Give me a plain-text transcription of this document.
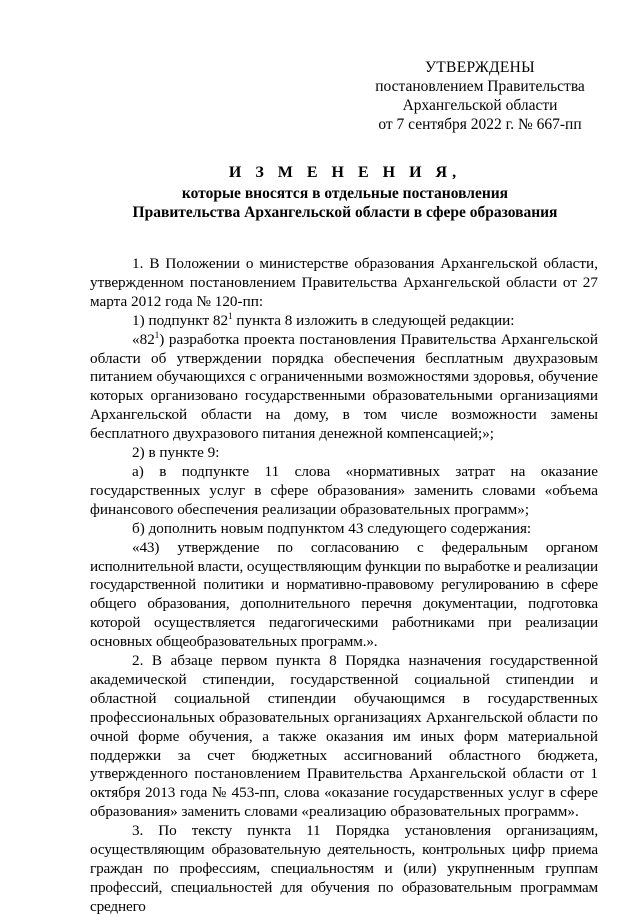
УТВЕРЖДЕНЫ
постановлением Правительства
Архангельской области
от 7 сентября 2022 г. № 667-пп
И З М Е Н Е Н И Я,
которые вносятся в отдельные постановления
Правительства Архангельской области в сфере образования

1. В Положении о министерстве образования Архангельской области, утвержденном постановлением Правительства Архангельской области от 27 марта 2012 года № 120-пп:

1) подпункт $82^1$ пункта 8 изложить в следующей редакции:

«$82^1$) разработка проекта постановления Правительства Архангельской области об утверждении порядка обеспечения бесплатным двухразовым питанием обучающихся с ограниченными возможностями здоровья, обучение которых организовано государственными образовательными организациями Архангельской области на дому, в том числе возможности замены бесплатного двухразового питания денежной компенсацией;»;

2) в пункте 9:

а) в подпункте 11 слова «нормативных затрат на оказание государственных услуг в сфере образования» заменить словами «объема финансового обеспечения реализации образовательных программ»;

б) дополнить новым подпунктом 43 следующего содержания:

«43) утверждение по согласованию с федеральным органом исполнительной власти, осуществляющим функции по выработке и реализации государственной политики и нормативно-правовому регулированию в сфере общего образования, дополнительного перечня документации, подготовка которой осуществляется педагогическими работниками при реализации основных общеобразовательных программ.».

2. В абзаце первом пункта 8 Порядка назначения государственной академической стипендии, государственной социальной стипендии и областной социальной стипендии обучающимся в государственных профессиональных образовательных организациях Архангельской области по очной форме обучения, а также оказания им иных форм материальной поддержки за счет бюджетных ассигнований областного бюджета, утвержденного постановлением Правительства Архангельской области от 1 октября 2013 года № 453-пп, слова «оказание государственных услуг в сфере образования» заменить словами «реализацию образовательных программ».

3. По тексту пункта 11 Порядка установления организациям, осуществляющим образовательную деятельность, контрольных цифр приема граждан по профессиям, специальностям и (или) укрупненным группам профессий, специальностей для обучения по образовательным программам среднего
